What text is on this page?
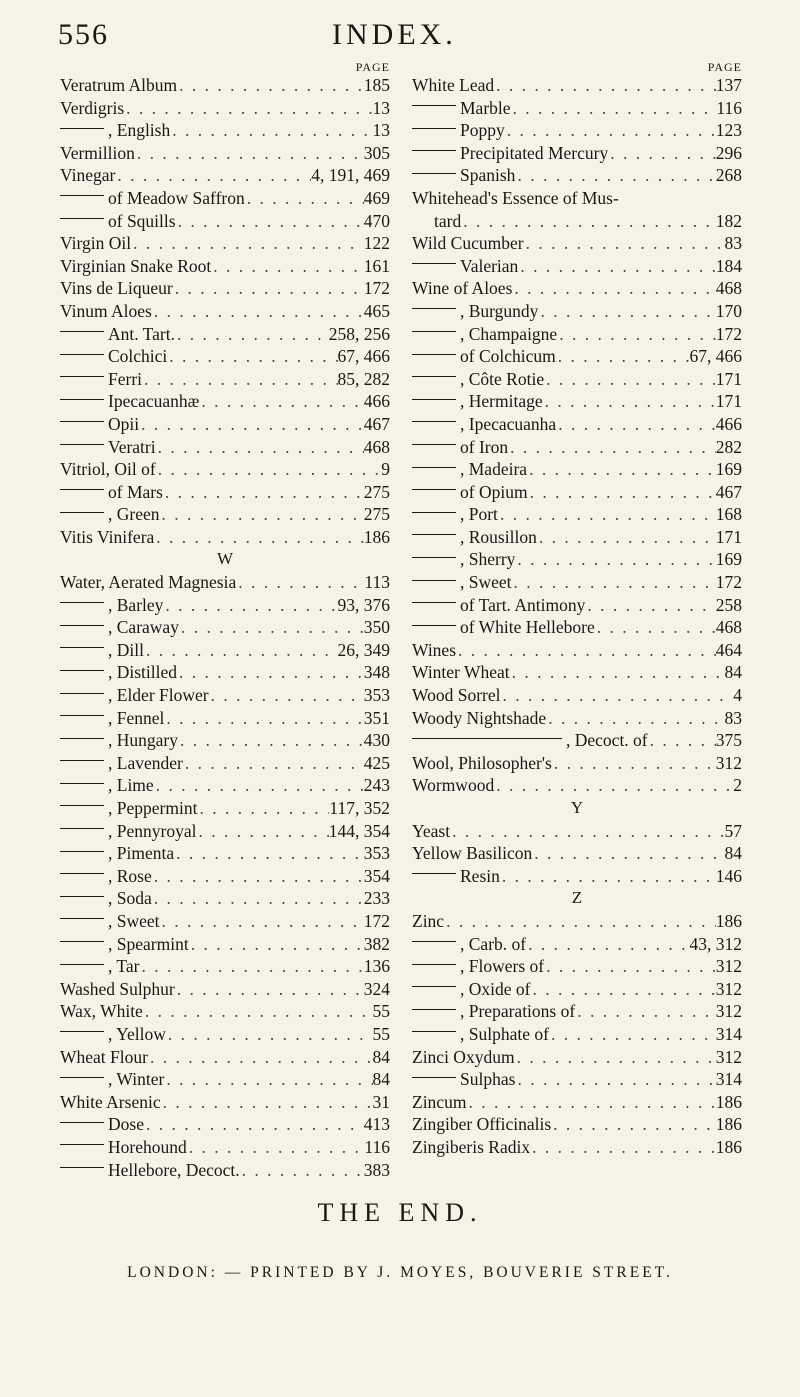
556	INDEX.
PAGE
Veratrum Album . . .	185
Verdigris . . .	13
, English . . .	13
Vermillion . . .	305
Vinegar . . .	4, 191, 469
of Meadow Saffron . . .	469
of Squills . . .	470
Virgin Oil . . .	122
Virginian Snake Root . . .	161
Vins de Liqueur . . .	172
Vinum Aloes . . .	465
Ant. Tart. . . .	258, 256
Colchici . . .	67, 466
Ferri . . .	85, 282
Ipecacuanhæ . . .	466
Opii . . .	467
Veratri . . .	468
Vitriol, Oil of . . .	9
of Mars . . .	275
, Green . . .	275
Vitis Vinifera . . .	186
W
Water, Aerated Magnesia . . .	113
, Barley . . .	93, 376
, Caraway . . .	350
, Dill . . .	26, 349
, Distilled . . .	348
, Elder Flower . . .	353
, Fennel . . .	351
, Hungary . . .	430
, Lavender . . .	425
, Lime . . .	243
, Peppermint . . .	117, 352
, Pennyroyal . . .	144, 354
, Pimenta . . .	353
, Rose . . .	354
, Soda . . .	233
, Sweet . . .	172
, Spearmint . . .	382
, Tar . . .	136
Washed Sulphur . . .	324
Wax, White . . .	55
, Yellow . . .	55
Wheat Flour . . .	84
, Winter . . .	84
White Arsenic . . .	31
Dose . . .	413
Horehound . . .	116
Hellebore, Decoct. . . .	383
PAGE
White Lead . . .	137
Marble . . .	116
Poppy . . .	123
Precipitated Mercury . . .	296
Spanish . . .	268
Whitehead's Essence of Mus-
tard . . .	182
Wild Cucumber . . .	83
Valerian . . .	184
Wine of Aloes . . .	468
, Burgundy . . .	170
, Champaigne . . .	172
of Colchicum . . .	67, 466
, Côte Rotie . . .	171
, Hermitage . . .	171
, Ipecacuanha . . .	466
of Iron . . .	282
, Madeira . . .	169
of Opium . . .	467
, Port . . .	168
, Rousillon . . .	171
, Sherry . . .	169
, Sweet . . .	172
of Tart. Antimony . . .	258
of White Hellebore . . .	468
Wines . . .	464
Winter Wheat . . .	84
Wood Sorrel . . .	4
Woody Nightshade . . .	83
, Decoct. of . . .	375
Wool, Philosopher's . . .	312
Wormwood . . .	2
Y
Yeast . . .	57
Yellow Basilicon . . .	84
Resin . . .	146
Z
Zinc . . .	186
, Carb. of . . .	43, 312
, Flowers of . . .	312
, Oxide of . . .	312
, Preparations of . . .	312
, Sulphate of . . .	314
Zinci Oxydum . . .	312
Sulphas . . .	314
Zincum . . .	186
Zingiber Officinalis . . .	186
Zingiberis Radix . . .	186
THE END.
LONDON: — PRINTED BY J. MOYES, BOUVERIE STREET.
